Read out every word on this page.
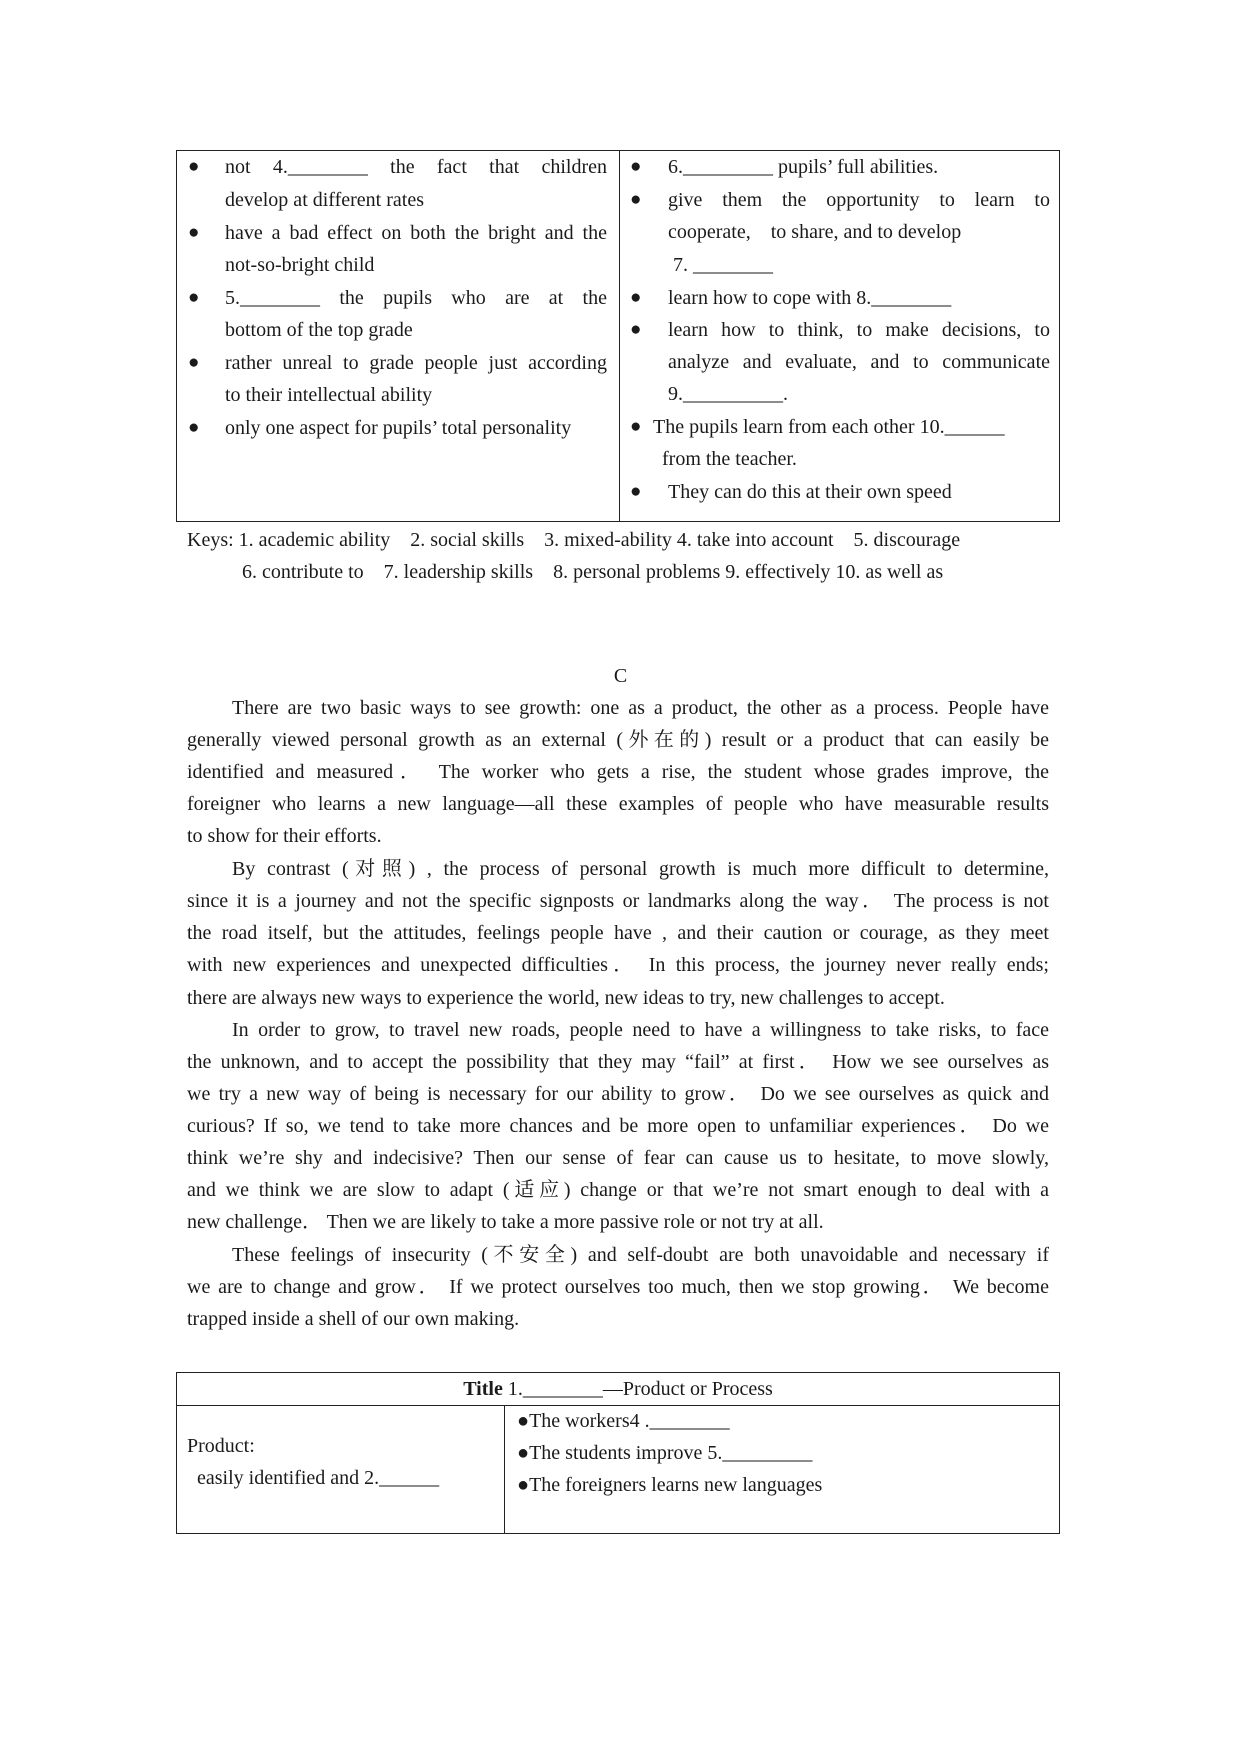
● not 4.________ the fact that children
develop at different rates
● have a bad effect on both the bright and the
not-so-bright child
● 5.________ the pupils who are at the
bottom of the top grade
● rather unreal to grade people just according
to their intellectual ability
● only one aspect for pupils’ total personality
● 6._________ pupils’ full abilities.
● give them the opportunity to learn to
cooperate,    to share, and to develop
7. ________
● learn how to cope with 8.________
● learn how to think, to make decisions, to
analyze and evaluate, and to communicate
9.__________.
● The pupils learn from each other 10.______
from the teacher.
● They can do this at their own speed
Keys: 1. academic ability    2. social skills    3. mixed-ability 4. take into account    5. discourage
6. contribute to    7. leadership skills    8. personal problems 9. effectively 10. as well as
C
There are two basic ways to see growth: one as a product, the other as a process. People have
generally viewed personal growth as an external (外在的) result or a product that can easily be
identified and measured． The worker who gets a rise, the student whose grades improve, the
foreigner who learns a new language—all these examples of people who have measurable results
to show for their efforts.
By contrast (对照) , the process of personal growth is much more difficult to determine,
since it is a journey and not the specific signposts or landmarks along the way． The process is not
the road itself, but the attitudes, feelings people have , and their caution or courage, as they meet
with new experiences and unexpected difficulties． In this process, the journey never really ends;
there are always new ways to experience the world, new ideas to try, new challenges to accept.
In order to grow, to travel new roads, people need to have a willingness to take risks, to face
the unknown, and to accept the possibility that they may “fail” at first． How we see ourselves as
we try a new way of being is necessary for our ability to grow． Do we see ourselves as quick and
curious? If so, we tend to take more chances and be more open to unfamiliar experiences． Do we
think we’re shy and indecisive? Then our sense of fear can cause us to hesitate, to move slowly,
and we think we are slow to adapt (适应) change or that we’re not smart enough to deal with a
new challenge． Then we are likely to take a more passive role or not try at all.
These feelings of insecurity (不安全) and self-doubt are both unavoidable and necessary if
we are to change and grow． If we protect ourselves too much, then we stop growing． We become
trapped inside a shell of our own making.
Title 1.________—Product or Process
Product:
easily identified and 2.______
●The workers4 .________
●The students improve 5._________
●The foreigners learns new languages
